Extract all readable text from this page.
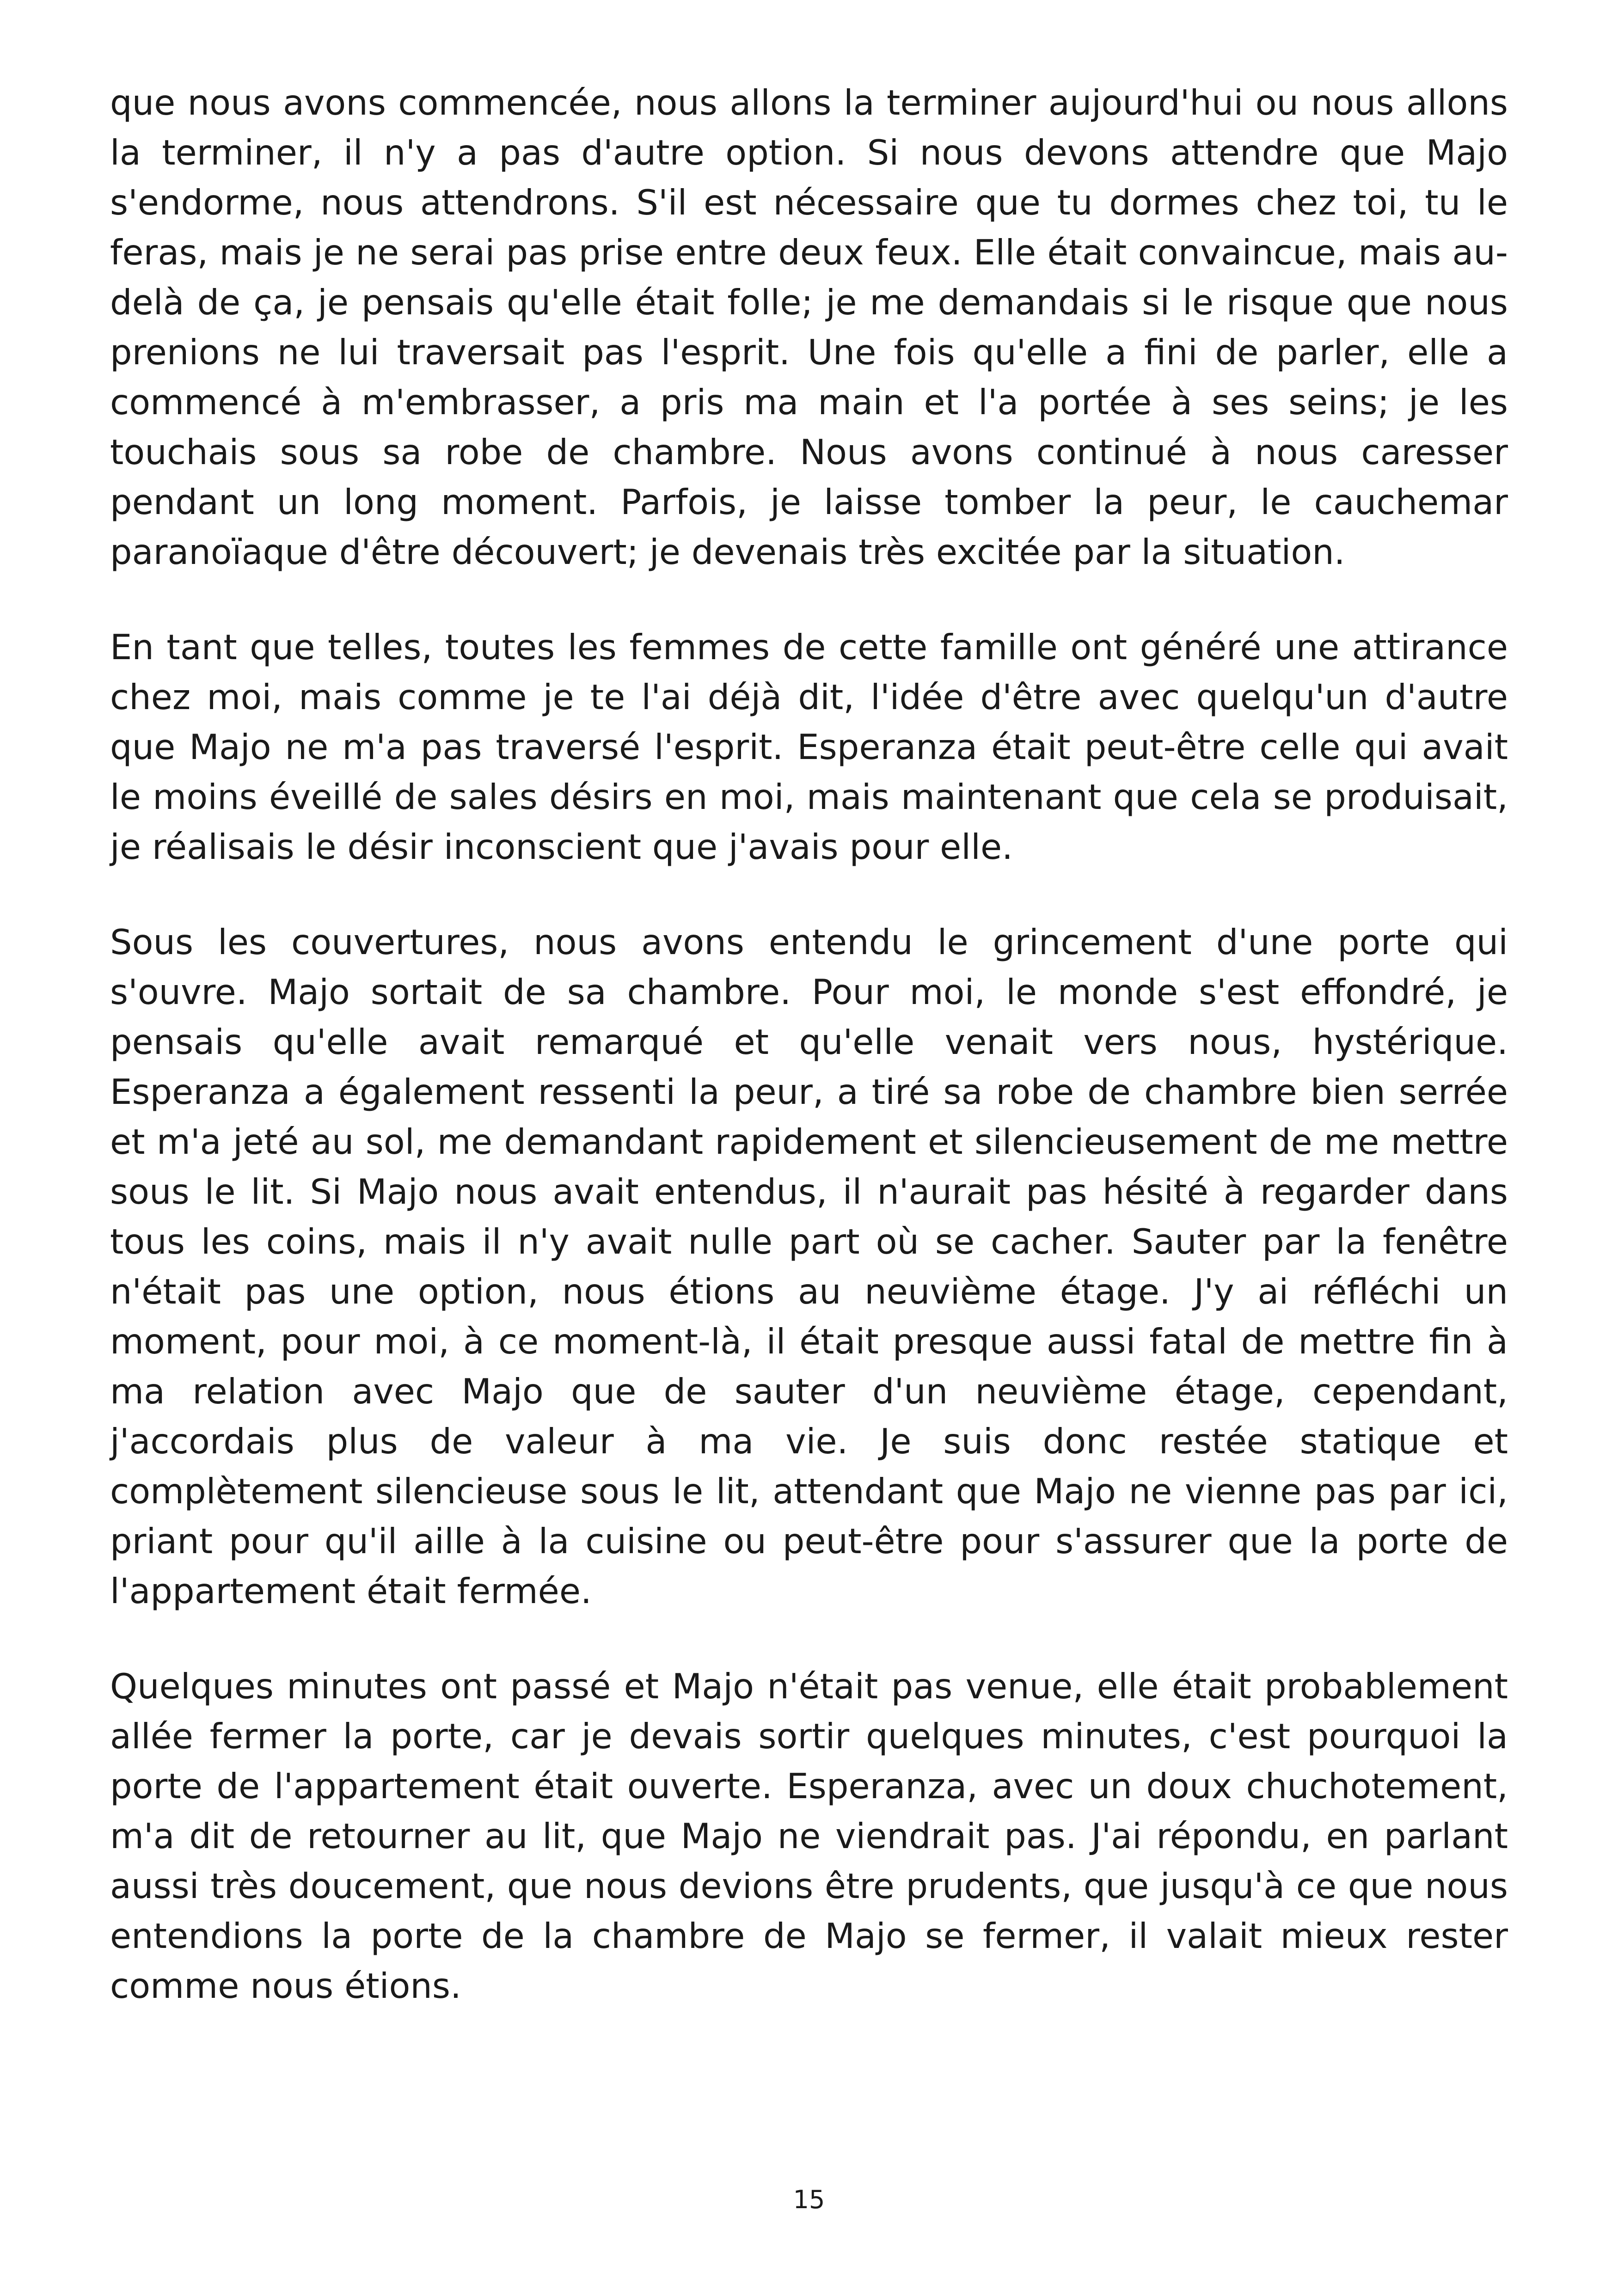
que nous avons commencée, nous allons la terminer aujourd'hui ou nous allons la terminer, il n'y a pas d'autre option. Si nous devons attendre que Majo s'endorme, nous attendrons. S'il est nécessaire que tu dormes chez toi, tu le feras, mais je ne serai pas prise entre deux feux. Elle était convaincue, mais au-delà de ça, je pensais qu'elle était folle; je me demandais si le risque que nous prenions ne lui traversait pas l'esprit. Une fois qu'elle a fini de parler, elle a commencé à m'embrasser, a pris ma main et l'a portée à ses seins; je les touchais sous sa robe de chambre. Nous avons continué à nous caresser pendant un long moment. Parfois, je laisse tomber la peur, le cauchemar paranoïaque d'être découvert; je devenais très excitée par la situation.

En tant que telles, toutes les femmes de cette famille ont généré une attirance chez moi, mais comme je te l'ai déjà dit, l'idée d'être avec quelqu'un d'autre que Majo ne m'a pas traversé l'esprit. Esperanza était peut-être celle qui avait le moins éveillé de sales désirs en moi, mais maintenant que cela se produisait, je réalisais le désir inconscient que j'avais pour elle.

Sous les couvertures, nous avons entendu le grincement d'une porte qui s'ouvre. Majo sortait de sa chambre. Pour moi, le monde s'est effondré, je pensais qu'elle avait remarqué et qu'elle venait vers nous, hystérique. Esperanza a également ressenti la peur, a tiré sa robe de chambre bien serrée et m'a jeté au sol, me demandant rapidement et silencieusement de me mettre sous le lit. Si Majo nous avait entendus, il n'aurait pas hésité à regarder dans tous les coins, mais il n'y avait nulle part où se cacher. Sauter par la fenêtre n'était pas une option, nous étions au neuvième étage. J'y ai réfléchi un moment, pour moi, à ce moment-là, il était presque aussi fatal de mettre fin à ma relation avec Majo que de sauter d'un neuvième étage, cependant, j'accordais plus de valeur à ma vie. Je suis donc restée statique et complètement silencieuse sous le lit, attendant que Majo ne vienne pas par ici, priant pour qu'il aille à la cuisine ou peut-être pour s'assurer que la porte de l'appartement était fermée.

Quelques minutes ont passé et Majo n'était pas venue, elle était probablement allée fermer la porte, car je devais sortir quelques minutes, c'est pourquoi la porte de l'appartement était ouverte. Esperanza, avec un doux chuchotement, m'a dit de retourner au lit, que Majo ne viendrait pas. J'ai répondu, en parlant aussi très doucement, que nous devions être prudents, que jusqu'à ce que nous entendions la porte de la chambre de Majo se fermer, il valait mieux rester comme nous étions.

15
